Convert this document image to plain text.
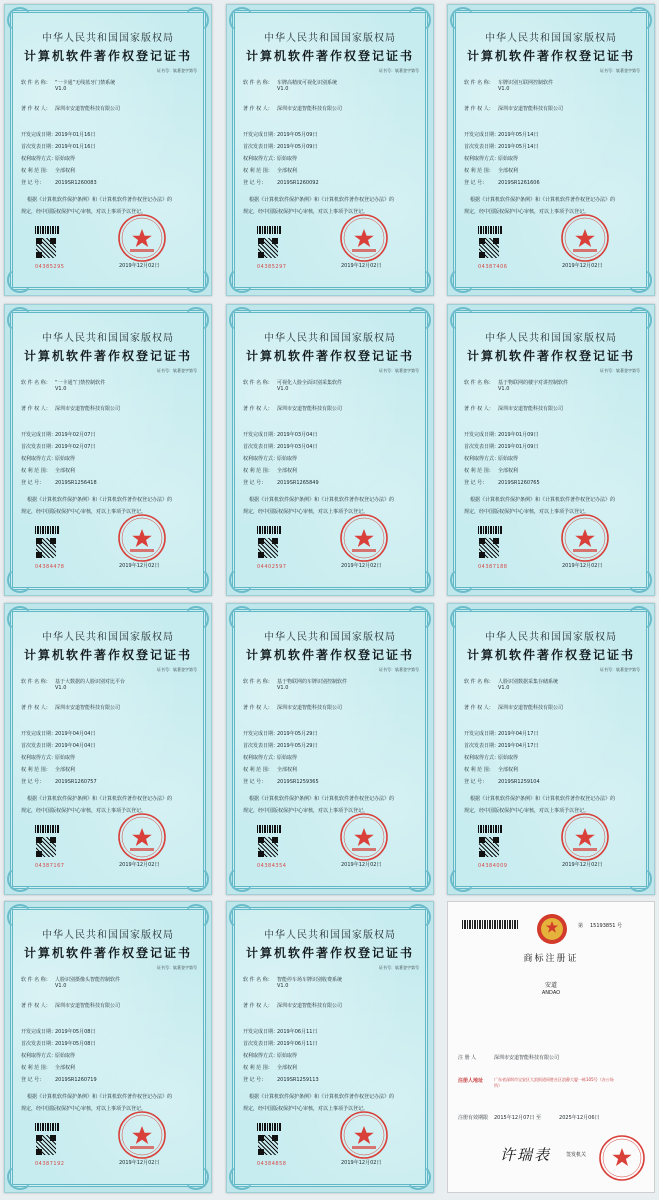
中华人民共和国国家版权局
计算机软件著作权登记证书
证书号：软著登字第号
软 件 名 称： “一卡通”无线蓝牙门禁系统
V1.0
著 作 权 人： 深圳市安道智能科技有限公司
开发完成日期：2019年01月16日
首次发表日期：2019年01月16日
权利取得方式：原始取得
权 利 范 围： 全部权利
登 记 号： 2019SR1260083
根据《计算机软件保护条例》和《计算机软件著作权登记办法》的
规定，经中国版权保护中心审核，对以上事项予以登记。
04385295	2019年12月02日
中华人民共和国国家版权局
计算机软件著作权登记证书
证书号：软著登字第号
软 件 名 称： 车牌高精度可视化识别系统
V1.0
著 作 权 人： 深圳市安道智能科技有限公司
开发完成日期：2019年05月09日
首次发表日期：2019年05月09日
权利取得方式：原始取得
权 利 范 围： 全部权利
登 记 号： 2019SR1260092
根据《计算机软件保护条例》和《计算机软件著作权登记办法》的
规定，经中国版权保护中心审核，对以上事项予以登记。
04385297	2019年12月02日
中华人民共和国国家版权局
计算机软件著作权登记证书
证书号：软著登字第号
软 件 名 称： 车牌识别互联网控制软件
V1.0
著 作 权 人： 深圳市安道智能科技有限公司
开发完成日期：2019年05月14日
首次发表日期：2019年05月14日
权利取得方式：原始取得
权 利 范 围： 全部权利
登 记 号： 2019SR1261606
根据《计算机软件保护条例》和《计算机软件著作权登记办法》的
规定，经中国版权保护中心审核，对以上事项予以登记。
04387406	2019年12月02日
中华人民共和国国家版权局
计算机软件著作权登记证书
证书号：软著登字第号
软 件 名 称： “一卡通”门禁控制软件
V1.0
著 作 权 人： 深圳市安道智能科技有限公司
开发完成日期：2019年02月07日
首次发表日期：2019年02月07日
权利取得方式：原始取得
权 利 范 围： 全部权利
登 记 号： 2019SR1256418
根据《计算机软件保护条例》和《计算机软件著作权登记办法》的
规定，经中国版权保护中心审核，对以上事项予以登记。
04384478	2019年12月02日
中华人民共和国国家版权局
计算机软件著作权登记证书
证书号：软著登字第号
软 件 名 称： 可视化人脸全面识别采集软件
V1.0
著 作 权 人： 深圳市安道智能科技有限公司
开发完成日期：2019年03月04日
首次发表日期：2019年03月04日
权利取得方式：原始取得
权 利 范 围： 全部权利
登 记 号： 2019SR1265849
根据《计算机软件保护条例》和《计算机软件著作权登记办法》的
规定，经中国版权保护中心审核，对以上事项予以登记。
04402597	2019年12月02日
中华人民共和国国家版权局
计算机软件著作权登记证书
证书号：软著登字第号
软 件 名 称： 基于物联网的楼宇对讲控制软件
V1.0
著 作 权 人： 深圳市安道智能科技有限公司
开发完成日期：2019年01月09日
首次发表日期：2019年01月09日
权利取得方式：原始取得
权 利 范 围： 全部权利
登 记 号： 2019SR1260765
根据《计算机软件保护条例》和《计算机软件著作权登记办法》的
规定，经中国版权保护中心审核，对以上事项予以登记。
04387188	2019年12月02日
中华人民共和国国家版权局
计算机软件著作权登记证书
证书号：软著登字第号
软 件 名 称： 基于大数据的人脸识别对比平台
V1.0
著 作 权 人： 深圳市安道智能科技有限公司
开发完成日期：2019年04月04日
首次发表日期：2019年04月04日
权利取得方式：原始取得
权 利 范 围： 全部权利
登 记 号： 2019SR1260757
根据《计算机软件保护条例》和《计算机软件著作权登记办法》的
规定，经中国版权保护中心审核，对以上事项予以登记。
04387167	2019年12月02日
中华人民共和国国家版权局
计算机软件著作权登记证书
证书号：软著登字第号
软 件 名 称： 基于物联网的车牌识别控制软件
V1.0
著 作 权 人： 深圳市安道智能科技有限公司
开发完成日期：2019年05月29日
首次发表日期：2019年05月29日
权利取得方式：原始取得
权 利 范 围： 全部权利
登 记 号： 2019SR1259365
根据《计算机软件保护条例》和《计算机软件著作权登记办法》的
规定，经中国版权保护中心审核，对以上事项予以登记。
04384354	2019年12月02日
中华人民共和国国家版权局
计算机软件著作权登记证书
证书号：软著登字第号
软 件 名 称： 人脸识别数据采集存储系统
V1.0
著 作 权 人： 深圳市安道智能科技有限公司
开发完成日期：2019年04月17日
首次发表日期：2019年04月17日
权利取得方式：原始取得
权 利 范 围： 全部权利
登 记 号： 2019SR1259104
根据《计算机软件保护条例》和《计算机软件著作权登记办法》的
规定，经中国版权保护中心审核，对以上事项予以登记。
04384009	2019年12月02日
中华人民共和国国家版权局
计算机软件著作权登记证书
证书号：软著登字第号
软 件 名 称： 人脸识别摄像头智能控制软件
V1.0
著 作 权 人： 深圳市安道智能科技有限公司
开发完成日期：2019年05月08日
首次发表日期：2019年05月08日
权利取得方式：原始取得
权 利 范 围： 全部权利
登 记 号： 2019SR1260719
根据《计算机软件保护条例》和《计算机软件著作权登记办法》的
规定，经中国版权保护中心审核，对以上事项予以登记。
04387192	2019年12月02日
中华人民共和国国家版权局
计算机软件著作权登记证书
证书号：软著登字第号
软 件 名 称： 智能停车场车牌识别收费系统
V1.0
著 作 权 人： 深圳市安道智能科技有限公司
开发完成日期：2019年06月11日
首次发表日期：2019年06月11日
权利取得方式：原始取得
权 利 范 围： 全部权利
登 记 号： 2019SR1259113
根据《计算机软件保护条例》和《计算机软件著作权登记办法》的
规定，经中国版权保护中心审核，对以上事项予以登记。
04384858	2019年12月02日
第 15193851 号
商标注册证
安道
ANDAO
注 册 人	深圳市安道智能科技有限公司
注册人地址	广东省深圳市宝安区大浪街道同胜社区浪静大厦一栋105号（办公场所）
注册有效期限 2015年12月07日 至	2025年12月06日
许瑞表	签发机关
